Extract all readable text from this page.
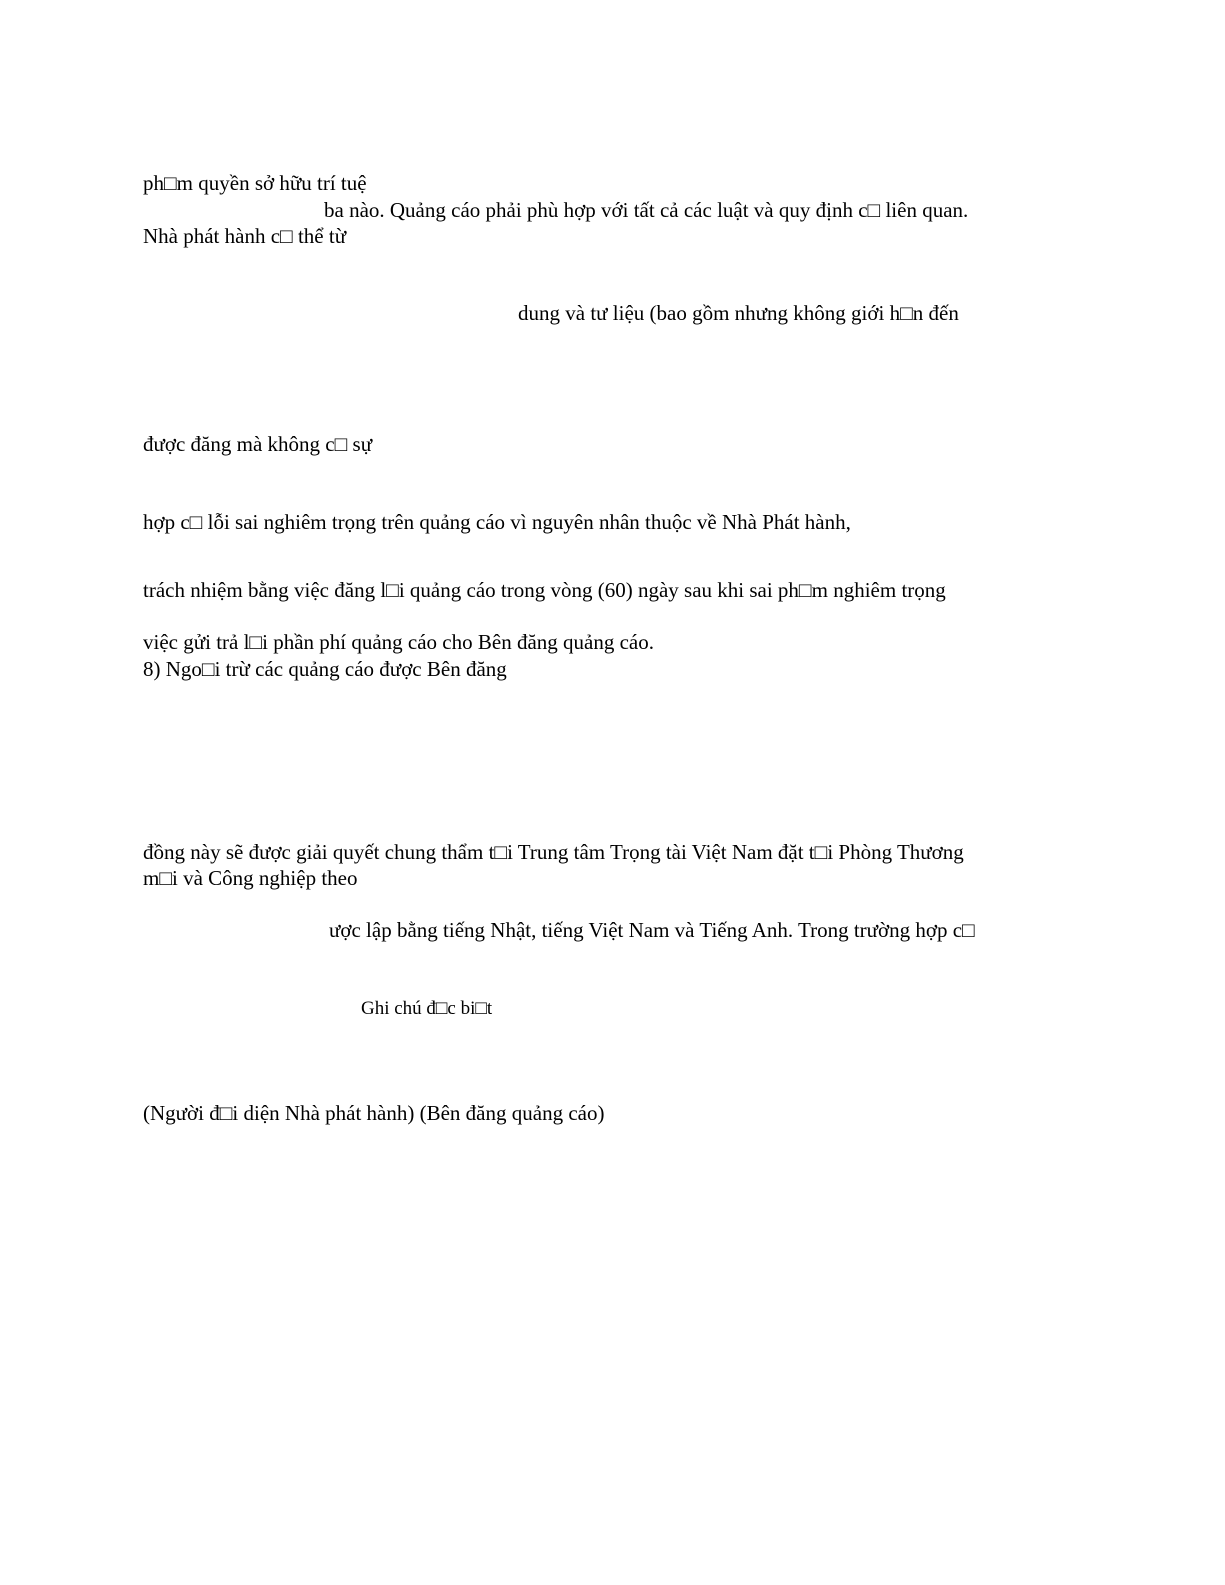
ph□m quyền sở hữu trí tuệ
ba nào. Quảng cáo phải phù hợp với tất cả các luật và quy định c□ liên quan.
Nhà phát hành c□ thể từ
dung và tư liệu (bao gồm nhưng không giới h□n đến
được đăng mà không c□ sự
hợp c□ lỗi sai nghiêm trọng trên quảng cáo vì nguyên nhân thuộc về Nhà Phát hành,
trách nhiệm bằng việc đăng l□i quảng cáo trong vòng (60) ngày sau khi sai ph□m nghiêm trọng
việc gửi trả l□i phần phí quảng cáo cho Bên đăng quảng cáo.
8) Ngo□i trừ các quảng cáo được Bên đăng
đồng này sẽ được giải quyết chung thẩm t□i Trung tâm Trọng tài Việt Nam đặt t□i Phòng Thương
m□i và Công nghiệp theo
ược lập bằng tiếng Nhật, tiếng Việt Nam và Tiếng Anh. Trong trường hợp c□
Ghi chú đ□c bi□t
(Người đ□i diện Nhà phát hành) (Bên đăng quảng cáo)
